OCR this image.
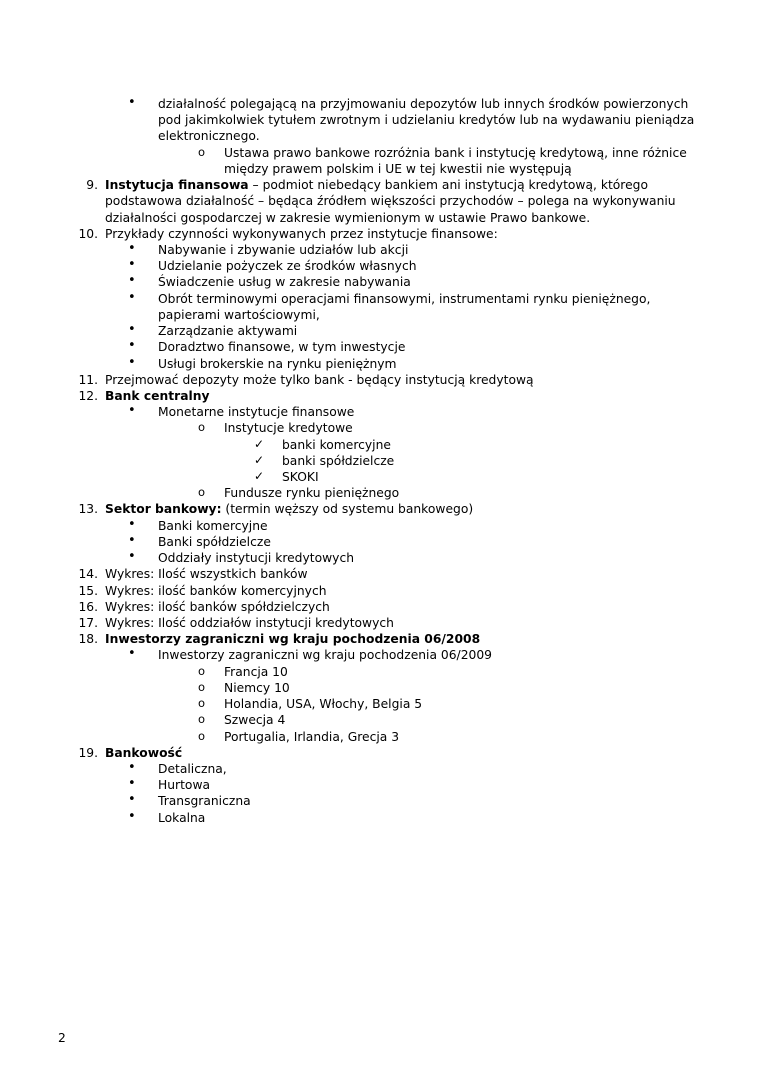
•	działalność polegającą na przyjmowaniu depozytów lub innych środków powierzonych pod jakimkolwiek tytułem zwrotnym i udzielaniu kredytów lub na wydawaniu pieniądza elektronicznego.
o	Ustawa prawo bankowe rozróżnia bank i instytucję kredytową, inne różnice między prawem polskim i UE w tej kwestii nie występują
9. Instytucja finansowa – podmiot niebedący bankiem ani instytucją kredytową, którego podstawowa działalność – będąca źródłem większości przychodów – polega na wykonywaniu działalności gospodarczej w zakresie wymienionym w ustawie Prawo bankowe.
10. Przykłady czynności wykonywanych przez instytucje finansowe:
•	Nabywanie i zbywanie udziałów lub akcji
•	Udzielanie pożyczek ze środków własnych
•	Świadczenie usług w zakresie nabywania
•	Obrót terminowymi operacjami finansowymi, instrumentami rynku pieniężnego, papierami wartościowymi,
•	Zarządzanie aktywami
•	Doradztwo finansowe, w tym inwestycje
•	Usługi brokerskie na rynku pieniężnym
11. Przejmować depozyty może tylko bank - będący instytucją kredytową
12. Bank centralny
•	Monetarne instytucje finansowe
o	Instytucje kredytowe
✓	banki komercyjne
✓	banki spółdzielcze
✓	SKOKI
o	Fundusze rynku pieniężnego
13. Sektor bankowy: (termin węższy od systemu bankowego)
•	Banki komercyjne
•	Banki spółdzielcze
•	Oddziały instytucji kredytowych
14. Wykres: Ilość wszystkich banków
15. Wykres: ilość banków komercyjnych
16. Wykres: ilość banków spółdzielczych
17. Wykres: Ilość oddziałów instytucji kredytowych
18. Inwestorzy zagraniczni wg kraju pochodzenia 06/2008
•	Inwestorzy zagraniczni wg kraju pochodzenia 06/2009
o	Francja 10
o	Niemcy 10
o	Holandia, USA, Włochy, Belgia 5
o	Szwecja 4
o	Portugalia, Irlandia, Grecja 3
19. Bankowość
•	Detaliczna,
•	Hurtowa
•	Transgraniczna
•	Lokalna
2
